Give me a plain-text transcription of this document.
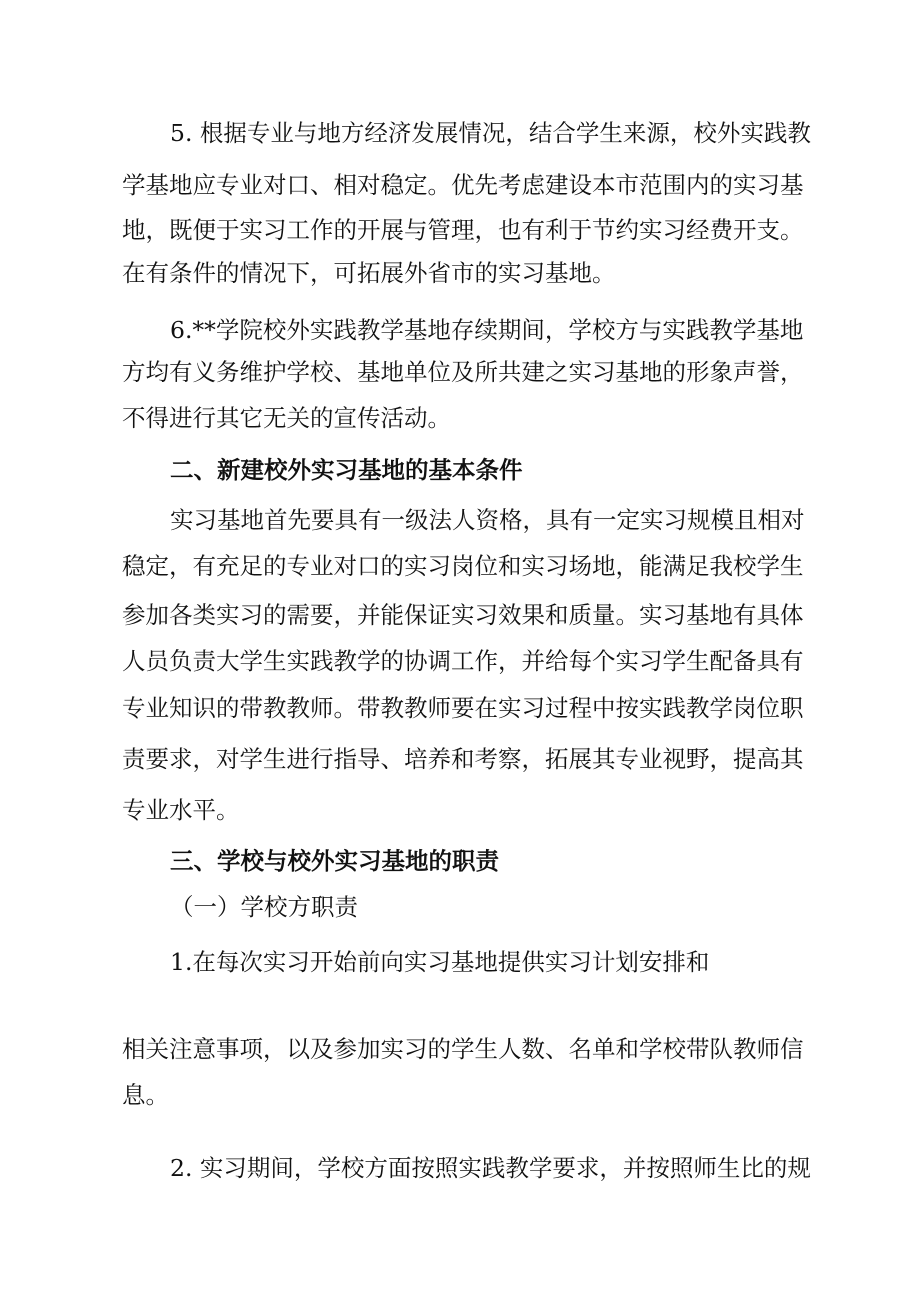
5. 根据专业与地方经济发展情况，结合学生来源，校外实践教
学基地应专业对口、相对稳定。优先考虑建设本市范围内的实习基
地，既便于实习工作的开展与管理，也有利于节约实习经费开支。
在有条件的情况下，可拓展外省市的实习基地。
6.**学院校外实践教学基地存续期间，学校方与实践教学基地
方均有义务维护学校、基地单位及所共建之实习基地的形象声誉，
不得进行其它无关的宣传活动。
二、新建校外实习基地的基本条件
实习基地首先要具有一级法人资格，具有一定实习规模且相对
稳定，有充足的专业对口的实习岗位和实习场地，能满足我校学生
参加各类实习的需要，并能保证实习效果和质量。实习基地有具体
人员负责大学生实践教学的协调工作，并给每个实习学生配备具有
专业知识的带教教师。带教教师要在实习过程中按实践教学岗位职
责要求，对学生进行指导、培养和考察，拓展其专业视野，提高其
专业水平。
三、学校与校外实习基地的职责
（一）学校方职责
1.在每次实习开始前向实习基地提供实习计划安排和
相关注意事项，以及参加实习的学生人数、名单和学校带队教师信
息。
2. 实习期间，学校方面按照实践教学要求，并按照师生比的规
